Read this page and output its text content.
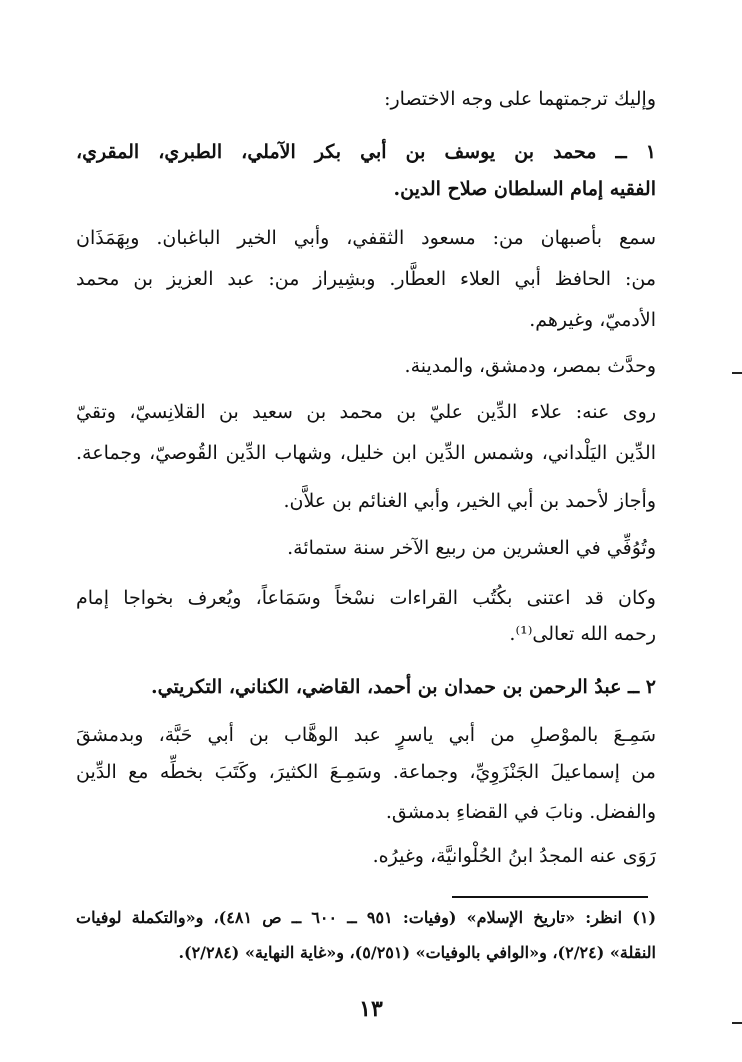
وإليك ترجمتهما على وجه الاختصار:
١ ــ محمد بن يوسف بن أبي بكر الآملي، الطبري، المقري،
الفقيه إمام السلطان صلاح الدين.
سمع بأصبهان من: مسعود الثقفي، وأبي الخير الباغبان. وبِهَمَذَان
من: الحافظ أبي العلاء العطَّار. وبشِيراز من: عبد العزيز بن محمد
الأدميّ، وغيرهم.
وحدَّث بمصر، ودمشق، والمدينة.
روى عنه: علاء الدِّين عليّ بن محمد بن سعيد بن القلانِسيّ، وتقيّ
الدِّين اليَلْداني، وشمس الدِّين ابن خليل، وشهاب الدِّين القُوصيّ، وجماعة.
وأجاز لأحمد بن أبي الخير، وأبي الغنائم بن علاَّن.
وتُوُفِّي في العشرين من ربيع الآخر سنة ستمائة.
وكان قد اعتنى بكُتُب القراءات نسْخاً وسَمَاعاً، ويُعرف بخواجا إمام
رحمه الله تعالى⁽¹⁾.
٢ ــ عبدُ الرحمن بن حمدان بن أحمد، القاضي، الكناني، التكريتي.
سَمِـعَ بالموْصلِ من أبي ياسرٍ عبد الوهَّاب بن أبي حَبَّة، وبدمشقَ
من إسماعيلَ الجَنْزَوِيِّ، وجماعة. وسَمِـعَ الكثيرَ، وكَتَبَ بخطِّه مع الدِّين
والفضل. ونابَ في القضاءِ بدمشق.
رَوَى عنه المجدُ ابنُ الحُلْوانيَّة، وغيرُه.
(١) انظر: «تاريخ الإسلام» (وفيات: ٩٥١ ــ ٦٠٠ ــ ص ٤٨١)، و«والتكملة لوفيات
النقلة» (٢/٢٤)، و«الوافي بالوفيات» (٥/٢٥١)، و«غاية النهاية» (٢/٢٨٤).
١٣
